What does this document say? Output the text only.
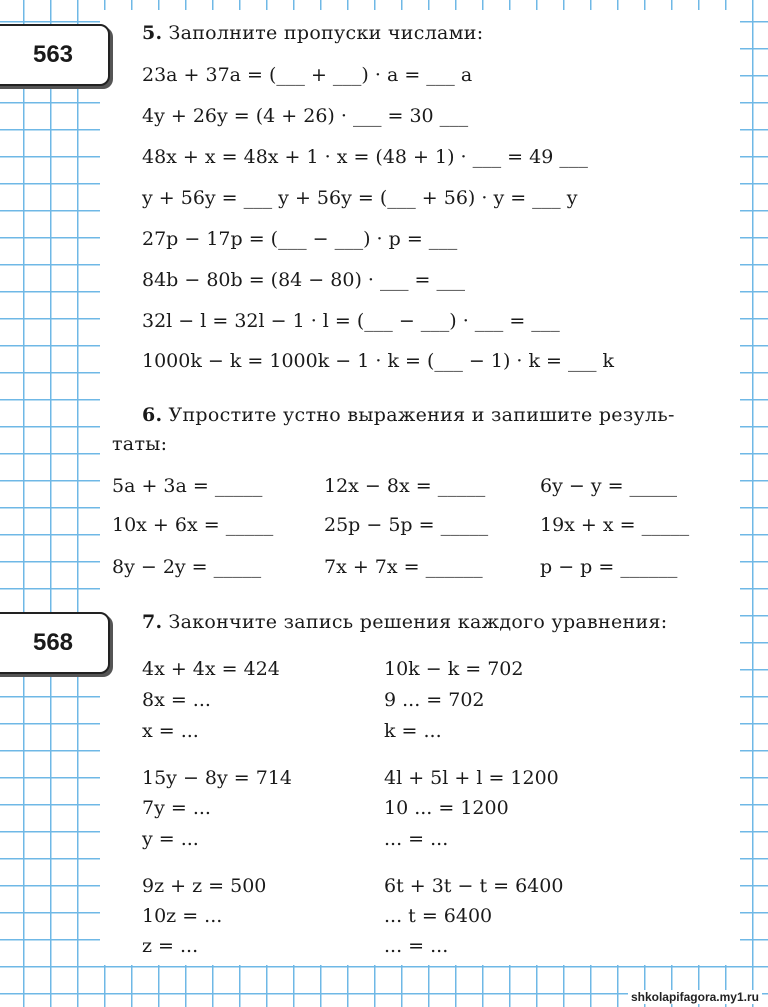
563
568
5. Заполните пропуски числами:
23a + 37a = (___ + ___) · a = ___ a
4y + 26y = (4 + 26) · ___ = 30 ___
48x + x = 48x + 1 · x = (48 + 1) · ___ = 49 ___
y + 56y = ___ y + 56y = (___ + 56) · y = ___ y
27p − 17p = (___ − ___) · p = ___
84b − 80b = (84 − 80) · ___ = ___
32l − l = 32l − 1 · l = (___ − ___) · ___ = ___
1000k − k = 1000k − 1 · k = (___ − 1) · k = ___ k
6. Упростите устно выражения и запишите резуль-
таты:
5a + 3a = _____	12x − 8x = _____	6y − y = _____
10x + 6x = _____	25p − 5p = _____	19x + x = _____
8y − 2y = _____	7x + 7x = ______	p − p = ______
7. Закончите запись решения каждого уравнения:
4x + 4x = 424
8x = ...
x = ...
15y − 8y = 714
7y = ...
y = ...
9z + z = 500
10z = ...
z = ...
10k − k = 702
9 ... = 702
k = ...
4l + 5l + l = 1200
10 ... = 1200
... = ...
6t + 3t − t = 6400
... t = 6400
... = ...
shkolapifagora.my1.ru
